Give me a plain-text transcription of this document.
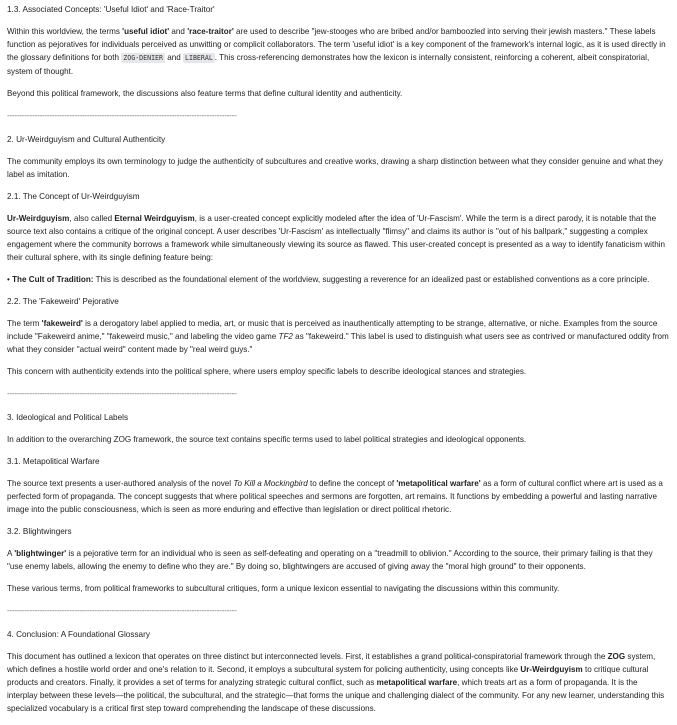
1.3. Associated Concepts: 'Useful Idiot' and 'Race-Traitor'

Within this worldview, the terms 'useful idiot' and 'race-traitor' are used to describe "jew-stooges who are bribed and/or bamboozled into serving their jewish masters." These labels function as pejoratives for individuals perceived as unwitting or complicit collaborators. The term 'useful idiot' is a key component of the framework's internal logic, as it is used directly in the glossary definitions for both ZOG-DENIER and LIBERAL . This cross-referencing demonstrates how the lexicon is internally consistent, reinforcing a coherent, albeit conspiratorial, system of thought.

Beyond this political framework, the discussions also feature terms that define cultural identity and authenticity.

--------------------------------------------------------------------------------------------
2. Ur-Weirdguyism and Cultural Authenticity

The community employs its own terminology to judge the authenticity of subcultures and creative works, drawing a sharp distinction between what they consider genuine and what they label as imitation.

2.1. The Concept of Ur-Weirdguyism

Ur-Weirdguyism, also called Eternal Weirdguyism, is a user-created concept explicitly modeled after the idea of 'Ur-Fascism'. While the term is a direct parody, it is notable that the source text also contains a critique of the original concept. A user describes 'Ur-Fascism' as intellectually "flimsy" and claims its author is "out of his ballpark," suggesting a complex engagement where the community borrows a framework while simultaneously viewing its source as flawed. This user-created concept is presented as a way to identify fanaticism within their cultural sphere, with its single defining feature being:

• The Cult of Tradition: This is described as the foundational element of the worldview, suggesting a reverence for an idealized past or established conventions as a core principle.

2.2. The 'Fakeweird' Pejorative

The term 'fakeweird' is a derogatory label applied to media, art, or music that is perceived as inauthentically attempting to be strange, alternative, or niche. Examples from the source include "Fakeweird anime," "fakeweird music," and labeling the video game TF2 as "fakeweird." This label is used to distinguish what users see as contrived or manufactured oddity from what they consider "actual weird" content made by "real weird guys."

This concern with authenticity extends into the political sphere, where users employ specific labels to describe ideological stances and strategies.

--------------------------------------------------------------------------------------------
3. Ideological and Political Labels

In addition to the overarching ZOG framework, the source text contains specific terms used to label political strategies and ideological opponents.

3.1. Metapolitical Warfare

The source text presents a user-authored analysis of the novel To Kill a Mockingbird to define the concept of 'metapolitical warfare' as a form of cultural conflict where art is used as a perfected form of propaganda. The concept suggests that where political speeches and sermons are forgotten, art remains. It functions by embedding a powerful and lasting narrative image into the public consciousness, which is seen as more enduring and effective than legislation or direct political rhetoric.

3.2. Blightwingers

A 'blightwinger' is a pejorative term for an individual who is seen as self-defeating and operating on a "treadmill to oblivion." According to the source, their primary failing is that they "use enemy labels, allowing the enemy to define who they are." By doing so, blightwingers are accused of giving away the "moral high ground" to their opponents.

These various terms, from political frameworks to subcultural critiques, form a unique lexicon essential to navigating the discussions within this community.

--------------------------------------------------------------------------------------------
4. Conclusion: A Foundational Glossary

This document has outlined a lexicon that operates on three distinct but interconnected levels. First, it establishes a grand political-conspiratorial framework through the ZOG system, which defines a hostile world order and one's relation to it. Second, it employs a subcultural system for policing authenticity, using concepts like Ur-Weirdguyism to critique cultural products and creators. Finally, it provides a set of terms for analyzing strategic cultural conflict, such as metapolitical warfare, which treats art as a form of propaganda. It is the interplay between these levels—the political, the subcultural, and the strategic—that forms the unique and challenging dialect of the community. For any new learner, understanding this specialized vocabulary is a critical first step toward comprehending the landscape of these discussions.
